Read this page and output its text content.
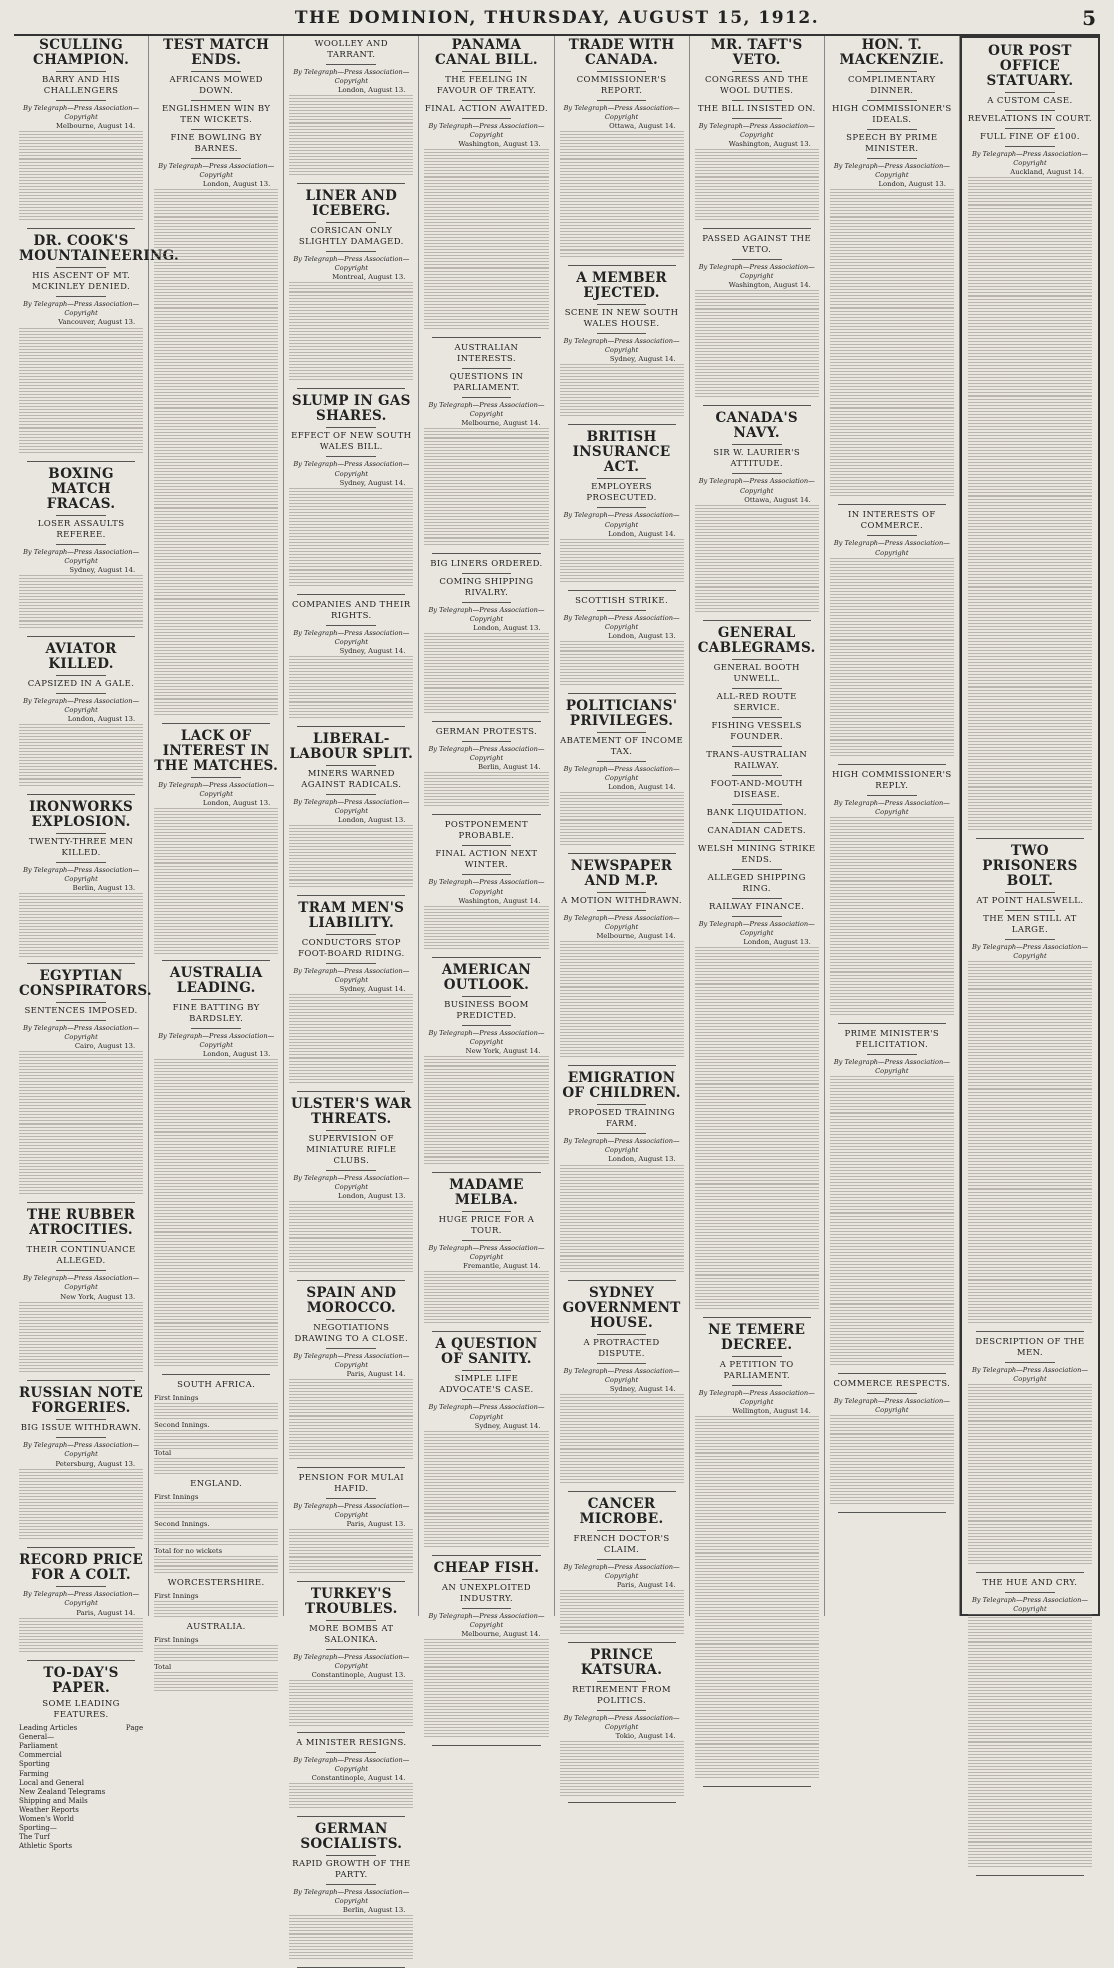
THE DOMINION, THURSDAY, AUGUST 15, 1912.	5
SCULLING CHAMPION.
BARRY AND HIS CHALLENGERS
By Telegraph—Press Association—Copyright
Melbourne, August 14.
DR. COOK'S MOUNTAINEERING.
HIS ASCENT OF MT. MCKINLEY DENIED.
By Telegraph—Press Association—Copyright
Vancouver, August 13.
BOXING MATCH FRACAS.
LOSER ASSAULTS REFEREE.
By Telegraph—Press Association—Copyright
Sydney, August 14.
AVIATOR KILLED.
CAPSIZED IN A GALE.
By Telegraph—Press Association—Copyright
London, August 13.
IRONWORKS EXPLOSION.
TWENTY-THREE MEN KILLED.
By Telegraph—Press Association—Copyright
Berlin, August 13.
EGYPTIAN CONSPIRATORS.
SENTENCES IMPOSED.
By Telegraph—Press Association—Copyright
Cairo, August 13.
THE RUBBER ATROCITIES.
THEIR CONTINUANCE ALLEGED.
By Telegraph—Press Association—Copyright
New York, August 13.
RUSSIAN NOTE FORGERIES.
BIG ISSUE WITHDRAWN.
By Telegraph—Press Association—Copyright
Petersburg, August 13.
RECORD PRICE FOR A COLT.
By Telegraph—Press Association—Copyright
Paris, August 14.
TO-DAY'S PAPER.
SOME LEADING FEATURES.
Leading Articles	Page
General—
Parliament
Commercial
Sporting
Farming
Local and General
New Zealand Telegrams
Shipping and Mails
Weather Reports
Women's World
Sporting—
The Turf
Athletic Sports
TEST MATCH ENDS.
AFRICANS MOWED DOWN.
ENGLISHMEN WIN BY TEN WICKETS.
FINE BOWLING BY BARNES.
By Telegraph—Press Association—Copyright
London, August 13.
LACK OF INTEREST IN THE MATCHES.
By Telegraph—Press Association—Copyright
London, August 13.
AUSTRALIA LEADING.
FINE BATTING BY BARDSLEY.
By Telegraph—Press Association—Copyright
London, August 13.
SOUTH AFRICA.
First Innings
Second Innings.
Total
ENGLAND.
First Innings
Second Innings.
Total for no wickets
WORCESTERSHIRE.
First Innings
AUSTRALIA.
First Innings
Total
WOOLLEY AND TARRANT.
By Telegraph—Press Association—Copyright
London, August 13.
LINER AND ICEBERG.
CORSICAN ONLY SLIGHTLY DAMAGED.
By Telegraph—Press Association—Copyright
Montreal, August 13.
SLUMP IN GAS SHARES.
EFFECT OF NEW SOUTH WALES BILL.
By Telegraph—Press Association—Copyright
Sydney, August 14.
COMPANIES AND THEIR RIGHTS.
By Telegraph—Press Association—Copyright
Sydney, August 14.
LIBERAL-LABOUR SPLIT.
MINERS WARNED AGAINST RADICALS.
By Telegraph—Press Association—Copyright
London, August 13.
TRAM MEN'S LIABILITY.
CONDUCTORS STOP FOOT-BOARD RIDING.
By Telegraph—Press Association—Copyright
Sydney, August 14.
ULSTER'S WAR THREATS.
SUPERVISION OF MINIATURE RIFLE CLUBS.
By Telegraph—Press Association—Copyright
London, August 13.
SPAIN AND MOROCCO.
NEGOTIATIONS DRAWING TO A CLOSE.
By Telegraph—Press Association—Copyright
Paris, August 14.
PENSION FOR MULAI HAFID.
By Telegraph—Press Association—Copyright
Paris, August 13.
TURKEY'S TROUBLES.
MORE BOMBS AT SALONIKA.
By Telegraph—Press Association—Copyright
Constantinople, August 13.
A MINISTER RESIGNS.
By Telegraph—Press Association—Copyright
Constantinople, August 14.
GERMAN SOCIALISTS.
RAPID GROWTH OF THE PARTY.
By Telegraph—Press Association—Copyright
Berlin, August 13.
PANAMA CANAL BILL.
THE FEELING IN FAVOUR OF TREATY.
FINAL ACTION AWAITED.
By Telegraph—Press Association—Copyright
Washington, August 13.
AUSTRALIAN INTERESTS.
QUESTIONS IN PARLIAMENT.
By Telegraph—Press Association—Copyright
Melbourne, August 14.
BIG LINERS ORDERED.
COMING SHIPPING RIVALRY.
By Telegraph—Press Association—Copyright
London, August 13.
GERMAN PROTESTS.
By Telegraph—Press Association—Copyright
Berlin, August 14.
POSTPONEMENT PROBABLE.
FINAL ACTION NEXT WINTER.
By Telegraph—Press Association—Copyright
Washington, August 14.
AMERICAN OUTLOOK.
BUSINESS BOOM PREDICTED.
By Telegraph—Press Association—Copyright
New York, August 14.
MADAME MELBA.
HUGE PRICE FOR A TOUR.
By Telegraph—Press Association—Copyright
Fremantle, August 14.
A QUESTION OF SANITY.
SIMPLE LIFE ADVOCATE'S CASE.
By Telegraph—Press Association—Copyright
Sydney, August 14.
CHEAP FISH.
AN UNEXPLOITED INDUSTRY.
By Telegraph—Press Association—Copyright
Melbourne, August 14.
TRADE WITH CANADA.
COMMISSIONER'S REPORT.
By Telegraph—Press Association—Copyright
Ottawa, August 14.
A MEMBER EJECTED.
SCENE IN NEW SOUTH WALES HOUSE.
By Telegraph—Press Association—Copyright
Sydney, August 14.
BRITISH INSURANCE ACT.
EMPLOYERS PROSECUTED.
By Telegraph—Press Association—Copyright
London, August 14.
SCOTTISH STRIKE.
By Telegraph—Press Association—Copyright
London, August 13.
POLITICIANS' PRIVILEGES.
ABATEMENT OF INCOME TAX.
By Telegraph—Press Association—Copyright
London, August 14.
NEWSPAPER AND M.P.
A MOTION WITHDRAWN.
By Telegraph—Press Association—Copyright
Melbourne, August 14.
EMIGRATION OF CHILDREN.
PROPOSED TRAINING FARM.
By Telegraph—Press Association—Copyright
London, August 13.
SYDNEY GOVERNMENT HOUSE.
A PROTRACTED DISPUTE.
By Telegraph—Press Association—Copyright
Sydney, August 14.
CANCER MICROBE.
FRENCH DOCTOR'S CLAIM.
By Telegraph—Press Association—Copyright
Paris, August 14.
PRINCE KATSURA.
RETIREMENT FROM POLITICS.
By Telegraph—Press Association—Copyright
Tokio, August 14.
MR. TAFT'S VETO.
CONGRESS AND THE WOOL DUTIES.
THE BILL INSISTED ON.
By Telegraph—Press Association—Copyright
Washington, August 13.
PASSED AGAINST THE VETO.
By Telegraph—Press Association—Copyright
Washington, August 14.
CANADA'S NAVY.
SIR W. LAURIER'S ATTITUDE.
By Telegraph—Press Association—Copyright
Ottawa, August 14.
GENERAL CABLEGRAMS.
GENERAL BOOTH UNWELL.
ALL-RED ROUTE SERVICE.
FISHING VESSELS FOUNDER.
TRANS-AUSTRALIAN RAILWAY.
FOOT-AND-MOUTH DISEASE.
BANK LIQUIDATION.
CANADIAN CADETS.
WELSH MINING STRIKE ENDS.
ALLEGED SHIPPING RING.
RAILWAY FINANCE.
By Telegraph—Press Association—Copyright
London, August 13.
NE TEMERE DECREE.
A PETITION TO PARLIAMENT.
By Telegraph—Press Association—Copyright
Wellington, August 14.
HON. T. MACKENZIE.
COMPLIMENTARY DINNER.
HIGH COMMISSIONER'S IDEALS.
SPEECH BY PRIME MINISTER.
By Telegraph—Press Association—Copyright
London, August 13.
IN INTERESTS OF COMMERCE.
By Telegraph—Press Association—Copyright
HIGH COMMISSIONER'S REPLY.
By Telegraph—Press Association—Copyright
PRIME MINISTER'S FELICITATION.
By Telegraph—Press Association—Copyright
COMMERCE RESPECTS.
By Telegraph—Press Association—Copyright
OUR POST OFFICE STATUARY.
A CUSTOM CASE.
REVELATIONS IN COURT.
FULL FINE OF £100.
By Telegraph—Press Association—Copyright
Auckland, August 14.
TWO PRISONERS BOLT.
AT POINT HALSWELL.
THE MEN STILL AT LARGE.
By Telegraph—Press Association—Copyright
DESCRIPTION OF THE MEN.
By Telegraph—Press Association—Copyright
THE HUE AND CRY.
By Telegraph—Press Association—Copyright
